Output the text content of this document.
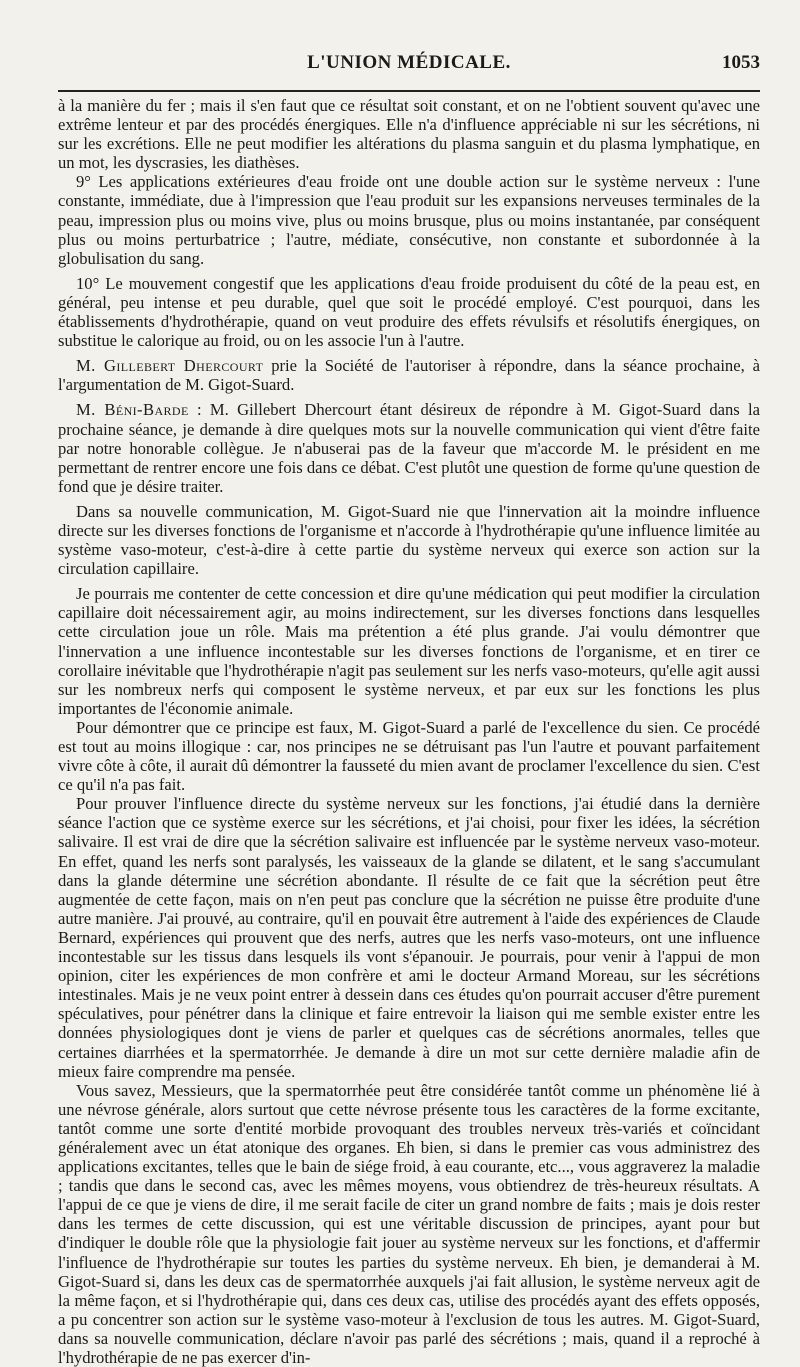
L'UNION MÉDICALE.	1053

à la manière du fer ; mais il s'en faut que ce résultat soit constant, et on ne l'obtient souvent qu'avec une extrême lenteur et par des procédés énergiques. Elle n'a d'influence appréciable ni sur les sécrétions, ni sur les excrétions. Elle ne peut modifier les altérations du plasma sanguin et du plasma lymphatique, en un mot, les dyscrasies, les diathèses.

9° Les applications extérieures d'eau froide ont une double action sur le système nerveux : l'une constante, immédiate, due à l'impression que l'eau produit sur les expansions nerveuses terminales de la peau, impression plus ou moins vive, plus ou moins brusque, plus ou moins instantanée, par conséquent plus ou moins perturbatrice ; l'autre, médiate, consécutive, non constante et subordonnée à la globulisation du sang.

10° Le mouvement congestif que les applications d'eau froide produisent du côté de la peau est, en général, peu intense et peu durable, quel que soit le procédé employé. C'est pourquoi, dans les établissements d'hydrothérapie, quand on veut produire des effets révulsifs et résolutifs énergiques, on substitue le calorique au froid, ou on les associe l'un à l'autre.

M. Gillebert Dhercourt prie la Société de l'autoriser à répondre, dans la séance prochaine, à l'argumentation de M. Gigot-Suard.

M. Béni-Barde : M. Gillebert Dhercourt étant désireux de répondre à M. Gigot-Suard dans la prochaine séance, je demande à dire quelques mots sur la nouvelle communication qui vient d'être faite par notre honorable collègue. Je n'abuserai pas de la faveur que m'accorde M. le président en me permettant de rentrer encore une fois dans ce débat. C'est plutôt une question de forme qu'une question de fond que je désire traiter.

Dans sa nouvelle communication, M. Gigot-Suard nie que l'innervation ait la moindre influence directe sur les diverses fonctions de l'organisme et n'accorde à l'hydrothérapie qu'une influence limitée au système vaso-moteur, c'est-à-dire à cette partie du système nerveux qui exerce son action sur la circulation capillaire.

Je pourrais me contenter de cette concession et dire qu'une médication qui peut modifier la circulation capillaire doit nécessairement agir, au moins indirectement, sur les diverses fonctions dans lesquelles cette circulation joue un rôle. Mais ma prétention a été plus grande. J'ai voulu démontrer que l'innervation a une influence incontestable sur les diverses fonctions de l'organisme, et en tirer ce corollaire inévitable que l'hydrothérapie n'agit pas seulement sur les nerfs vaso-moteurs, qu'elle agit aussi sur les nombreux nerfs qui composent le système nerveux, et par eux sur les fonctions les plus importantes de l'économie animale.

Pour démontrer que ce principe est faux, M. Gigot-Suard a parlé de l'excellence du sien. Ce procédé est tout au moins illogique : car, nos principes ne se détruisant pas l'un l'autre et pouvant parfaitement vivre côte à côte, il aurait dû démontrer la fausseté du mien avant de proclamer l'excellence du sien. C'est ce qu'il n'a pas fait.

Pour prouver l'influence directe du système nerveux sur les fonctions, j'ai étudié dans la dernière séance l'action que ce système exerce sur les sécrétions, et j'ai choisi, pour fixer les idées, la sécrétion salivaire. Il est vrai de dire que la sécrétion salivaire est influencée par le système nerveux vaso-moteur. En effet, quand les nerfs sont paralysés, les vaisseaux de la glande se dilatent, et le sang s'accumulant dans la glande détermine une sécrétion abondante. Il résulte de ce fait que la sécrétion peut être augmentée de cette façon, mais on n'en peut pas conclure que la sécrétion ne puisse être produite d'une autre manière. J'ai prouvé, au contraire, qu'il en pouvait être autrement à l'aide des expériences de Claude Bernard, expériences qui prouvent que des nerfs, autres que les nerfs vaso-moteurs, ont une influence incontestable sur les tissus dans lesquels ils vont s'épanouir. Je pourrais, pour venir à l'appui de mon opinion, citer les expériences de mon confrère et ami le docteur Armand Moreau, sur les sécrétions intestinales. Mais je ne veux point entrer à dessein dans ces études qu'on pourrait accuser d'être purement spéculatives, pour pénétrer dans la clinique et faire entrevoir la liaison qui me semble exister entre les données physiologiques dont je viens de parler et quelques cas de sécrétions anormales, telles que certaines diarrhées et la spermatorrhée. Je demande à dire un mot sur cette dernière maladie afin de mieux faire comprendre ma pensée.

Vous savez, Messieurs, que la spermatorrhée peut être considérée tantôt comme un phénomène lié à une névrose générale, alors surtout que cette névrose présente tous les caractères de la forme excitante, tantôt comme une sorte d'entité morbide provoquant des troubles nerveux très-variés et coïncidant généralement avec un état atonique des organes. Eh bien, si dans le premier cas vous administrez des applications excitantes, telles que le bain de siége froid, à eau courante, etc..., vous aggraverez la maladie ; tandis que dans le second cas, avec les mêmes moyens, vous obtiendrez de très-heureux résultats. A l'appui de ce que je viens de dire, il me serait facile de citer un grand nombre de faits ; mais je dois rester dans les termes de cette discussion, qui est une véritable discussion de principes, ayant pour but d'indiquer le double rôle que la physiologie fait jouer au système nerveux sur les fonctions, et d'affermir l'influence de l'hydrothérapie sur toutes les parties du système nerveux. Eh bien, je demanderai à M. Gigot-Suard si, dans les deux cas de spermatorrhée auxquels j'ai fait allusion, le système nerveux agit de la même façon, et si l'hydrothérapie qui, dans ces deux cas, utilise des procédés ayant des effets opposés, a pu concentrer son action sur le système vaso-moteur à l'exclusion de tous les autres. M. Gigot-Suard, dans sa nouvelle communication, déclare n'avoir pas parlé des sécrétions ; mais, quand il a reproché à l'hydrothérapie de ne pas exercer d'in-
